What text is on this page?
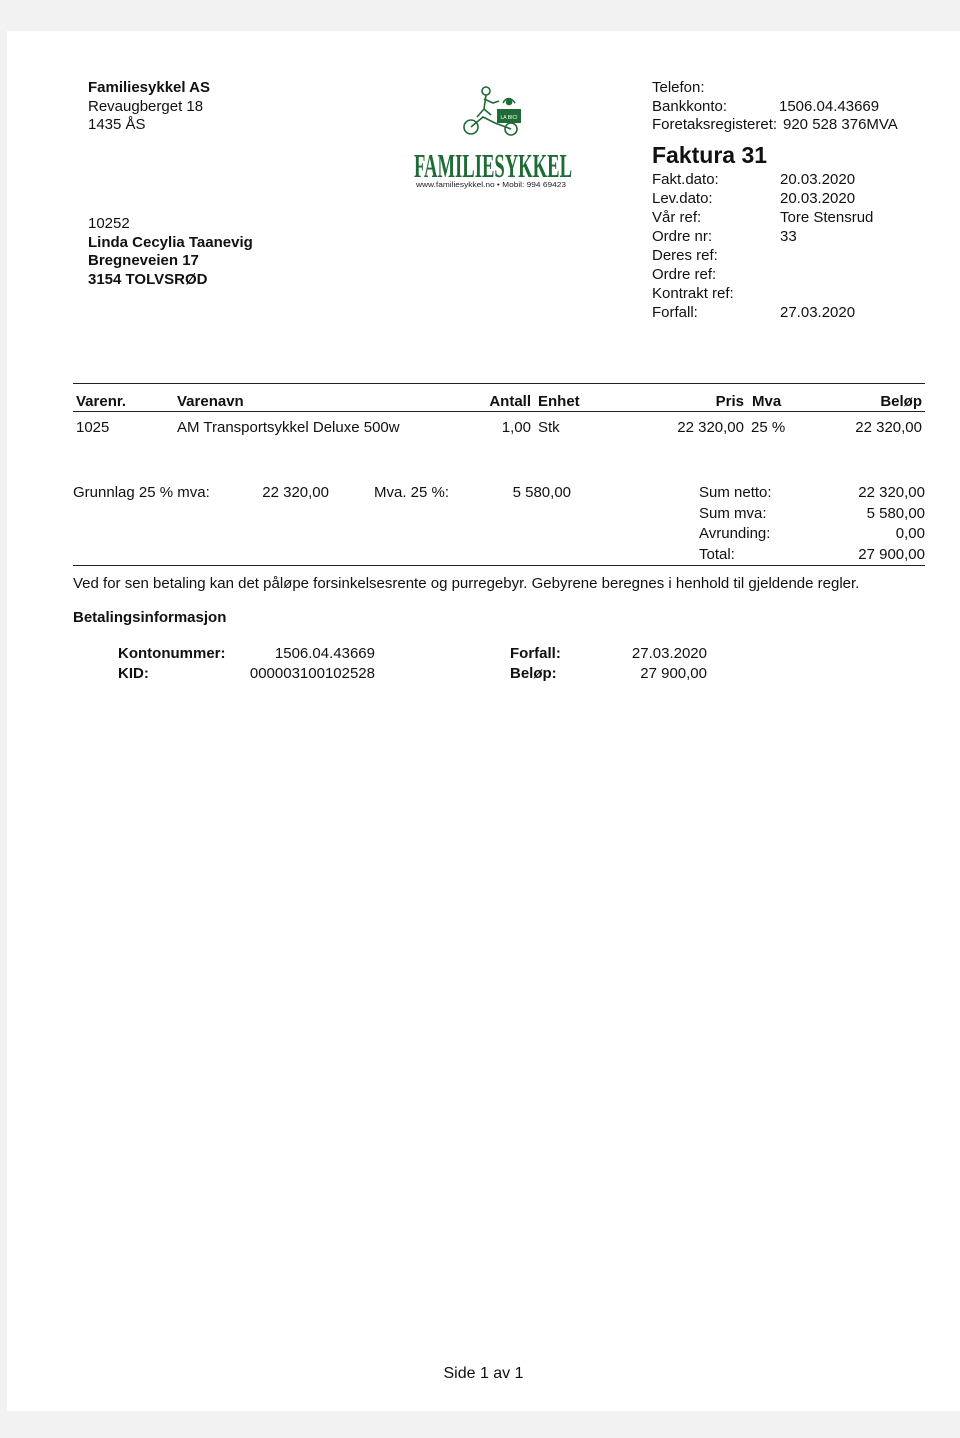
Familiesykkel AS
Revaugberget 18
1435 ÅS	LA BICI
FAMILIESYKKEL
www.familiesykkel.no • Mobil: 994 69423
Telefon:
Bankkonto:	1506.04.43669
Foretaksregisteret: 920 528 376MVA
Faktura 31
Fakt.dato:	20.03.2020
Lev.dato:	20.03.2020
Vår ref:	Tore Stensrud
Ordre nr:	33
Deres ref:
Ordre ref:
Kontrakt ref:
Forfall:	27.03.2020
10252
Linda Cecylia Taanevig
Bregneveien 17
3154 TOLVSRØD
Varenr.	Varenavn	Antall Enhet	Pris Mva	Beløp
1025	AM Transportsykkel Deluxe 500w	1,00 Stk	22 320,00 25 %	22 320,00
Grunnlag 25 % mva:	22 320,00	Mva. 25 %:	5 580,00	Sum netto:	22 320,00
Sum mva:	5 580,00
Avrunding:	0,00
Total:	27 900,00
Ved for sen betaling kan det påløpe forsinkelsesrente og purregebyr. Gebyrene beregnes i henhold til gjeldende regler.
Betalingsinformasjon
Kontonummer:	1506.04.43669
KID:	000003100102528
Forfall:	27.03.2020
Beløp:	27 900,00
Side 1 av 1
